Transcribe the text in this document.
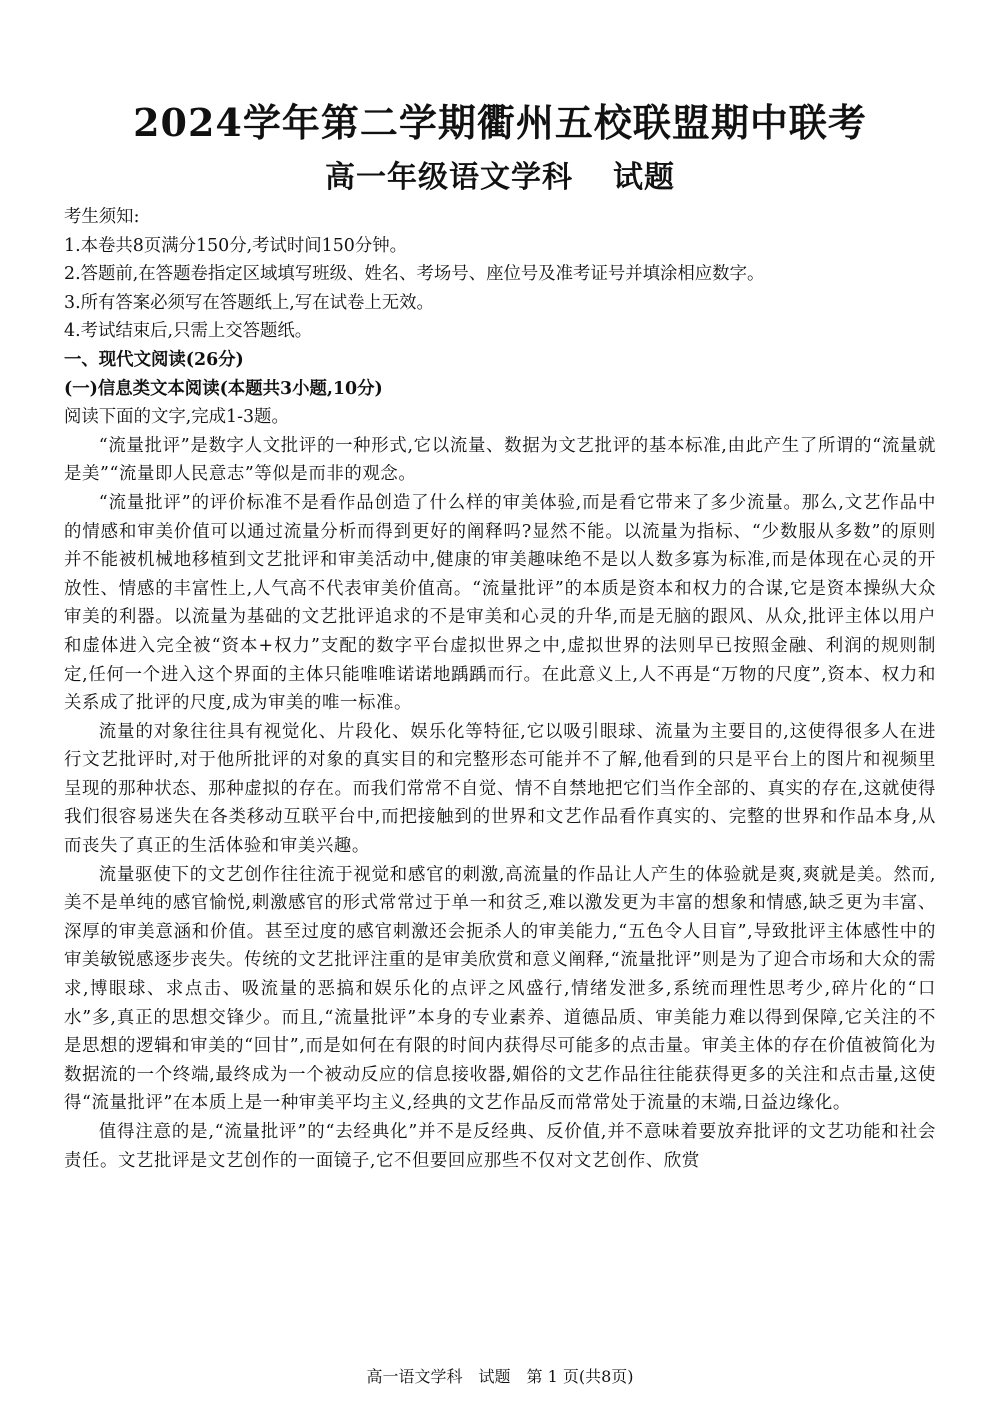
2024学年第二学期衢州五校联盟期中联考
高一年级语文学科 试题

考生须知:

1.本卷共8页满分150分,考试时间150分钟。

2.答题前,在答题卷指定区域填写班级、姓名、考场号、座位号及准考证号并填涂相应数字。

3.所有答案必须写在答题纸上,写在试卷上无效。

4.考试结束后,只需上交答题纸。

一、现代文阅读(26分)

(一)信息类文本阅读(本题共3小题,10分)

阅读下面的文字,完成1-3题。

“流量批评”是数字人文批评的一种形式,它以流量、数据为文艺批评的基本标准,由此产生了所谓的“流量就是美”“流量即人民意志”等似是而非的观念。

“流量批评”的评价标准不是看作品创造了什么样的审美体验,而是看它带来了多少流量。那么,文艺作品中的情感和审美价值可以通过流量分析而得到更好的阐释吗?显然不能。以流量为指标、“少数服从多数”的原则并不能被机械地移植到文艺批评和审美活动中,健康的审美趣味绝不是以人数多寡为标准,而是体现在心灵的开放性、情感的丰富性上,人气高不代表审美价值高。“流量批评”的本质是资本和权力的合谋,它是资本操纵大众审美的利器。以流量为基础的文艺批评追求的不是审美和心灵的升华,而是无脑的跟风、从众,批评主体以用户和虚体进入完全被“资本+权力”支配的数字平台虚拟世界之中,虚拟世界的法则早已按照金融、利润的规则制定,任何一个进入这个界面的主体只能唯唯诺诺地踽踽而行。在此意义上,人不再是“万物的尺度”,资本、权力和关系成了批评的尺度,成为审美的唯一标准。

流量的对象往往具有视觉化、片段化、娱乐化等特征,它以吸引眼球、流量为主要目的,这使得很多人在进行文艺批评时,对于他所批评的对象的真实目的和完整形态可能并不了解,他看到的只是平台上的图片和视频里呈现的那种状态、那种虚拟的存在。而我们常常不自觉、情不自禁地把它们当作全部的、真实的存在,这就使得我们很容易迷失在各类移动互联平台中,而把接触到的世界和文艺作品看作真实的、完整的世界和作品本身,从而丧失了真正的生活体验和审美兴趣。

流量驱使下的文艺创作往往流于视觉和感官的刺激,高流量的作品让人产生的体验就是爽,爽就是美。然而,美不是单纯的感官愉悦,刺激感官的形式常常过于单一和贫乏,难以激发更为丰富的想象和情感,缺乏更为丰富、深厚的审美意涵和价值。甚至过度的感官刺激还会扼杀人的审美能力,“五色令人目盲”,导致批评主体感性中的审美敏锐感逐步丧失。传统的文艺批评注重的是审美欣赏和意义阐释,“流量批评”则是为了迎合市场和大众的需求,博眼球、求点击、吸流量的恶搞和娱乐化的点评之风盛行,情绪发泄多,系统而理性思考少,碎片化的“口水”多,真正的思想交锋少。而且,“流量批评”本身的专业素养、道德品质、审美能力难以得到保障,它关注的不是思想的逻辑和审美的“回甘”,而是如何在有限的时间内获得尽可能多的点击量。审美主体的存在价值被简化为数据流的一个终端,最终成为一个被动反应的信息接收器,媚俗的文艺作品往往能获得更多的关注和点击量,这使得“流量批评”在本质上是一种审美平均主义,经典的文艺作品反而常常处于流量的末端,日益边缘化。

值得注意的是,“流量批评”的“去经典化”并不是反经典、反价值,并不意味着要放弃批评的文艺功能和社会责任。文艺批评是文艺创作的一面镜子,它不但要回应那些不仅对文艺创作、欣赏

高一语文学科 试题 第 1 页(共8页)
